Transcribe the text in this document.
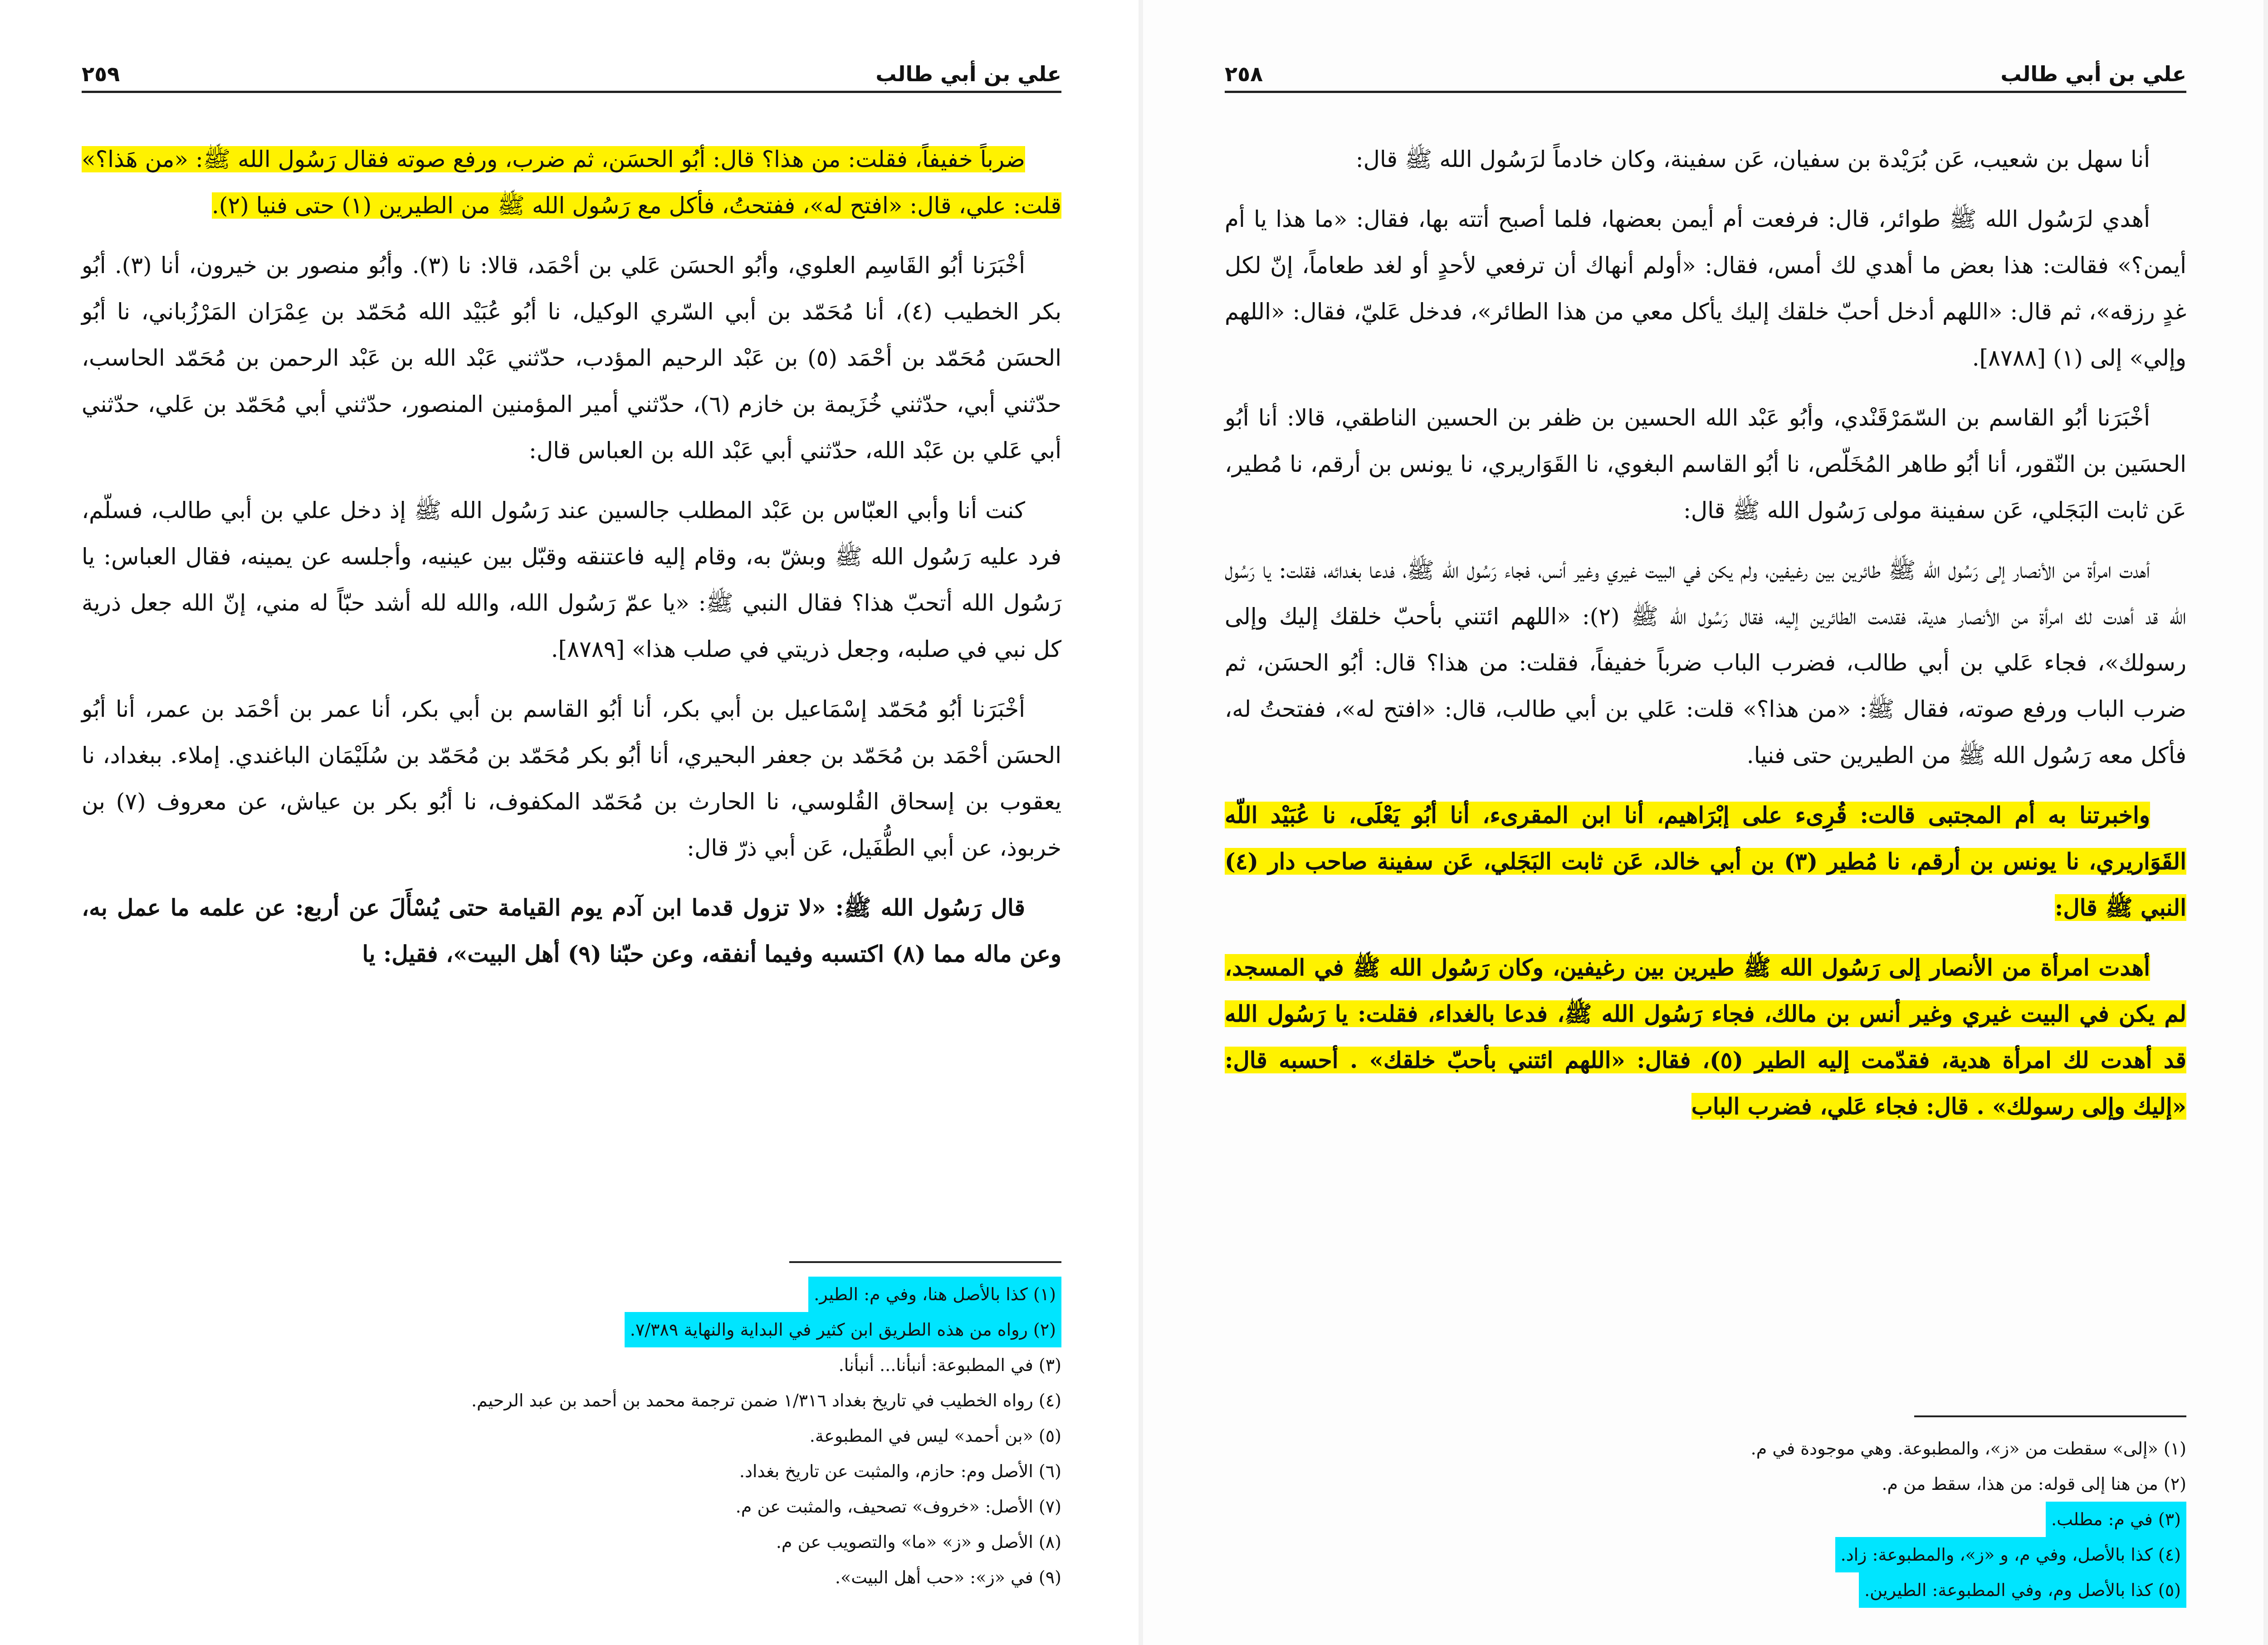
علي بن أبي طالب
٢٥٩

ضرباً خفيفاً، فقلت: من هذا؟ قال: أبُو الحسَن، ثم ضرب، ورفع صوته فقال رَسُول الله ﷺ: «من هَذا؟» قلت: علي، قال: «افتح له»، ففتحتُ، فأكل مع رَسُول الله ﷺ من الطيرين (١) حتى فنيا (٢).

أخْبَرَنا أبُو القَاسِم العلوي، وأبُو الحسَن عَلي بن أحْمَد، قالا: نا (٣). وأبُو منصور بن خيرون، أنا (٣). أبُو بكر الخطيب (٤)، أنا مُحَمّد بن أبي السّري الوكيل، نا أبُو عُبَيْد الله مُحَمّد بن عِمْرَان المَرْزُباني، نا أبُو الحسَن مُحَمّد بن أحْمَد (٥) بن عَبْد الرحيم المؤدب، حدّثني عَبْد الله بن عَبْد الرحمن بن مُحَمّد الحاسب، حدّثني أبي، حدّثني خُزَيمة بن خازم (٦)، حدّثني أمير المؤمنين المنصور، حدّثني أبي مُحَمّد بن عَلي، حدّثني أبي عَلي بن عَبْد الله، حدّثني أبي عَبْد الله بن العباس قال:

كنت أنا وأبي العبّاس بن عَبْد المطلب جالسين عند رَسُول الله ﷺ إذ دخل علي بن أبي طالب، فسلّم، فرد عليه رَسُول الله ﷺ وبشّ به، وقام إليه فاعتنقه وقبّل بين عينيه، وأجلسه عن يمينه، فقال العباس: يا رَسُول الله أتحبّ هذا؟ فقال النبي ﷺ: «يا عمّ رَسُول الله، والله لله أشد حبّاً له مني، إنّ الله جعل ذرية كل نبي في صلبه، وجعل ذريتي في صلب هذا» [٨٧٨٩].

أخْبَرَنا أبُو مُحَمّد إسْمَاعيل بن أبي بكر، أنا أبُو القاسم بن أبي بكر، أنا عمر بن أحْمَد بن عمر، أنا أبُو الحسَن أحْمَد بن مُحَمّد بن جعفر البحيري، أنا أبُو بكر مُحَمّد بن مُحَمّد بن سُلَيْمَان الباغندي. إملاء. ببغداد، نا يعقوب بن إسحاق القُلوسي، نا الحارث بن مُحَمّد المكفوف، نا أبُو بكر بن عياش، عن معروف (٧) بن خربوذ، عن أبي الطُّفَيل، عَن أبي ذرّ قال:

قال رَسُول الله ﷺ: «لا تزول قدما ابن آدم يوم القيامة حتى يُسْأَلَ عن أربع: عن علمه ما عمل به، وعن ماله مما (٨) اكتسبه وفيما أنفقه، وعن حبّنا (٩) أهل البيت»، فقيل: يا

(١) كذا بالأصل هنا، وفي م: الطير.

(٢) رواه من هذه الطريق ابن كثير في البداية والنهاية ٧/٣٨٩.

(٣) في المطبوعة: أنبأنا... أنبأنا.

(٤) رواه الخطيب في تاريخ بغداد ١/٣١٦ ضمن ترجمة محمد بن أحمد بن عبد الرحيم.

(٥) «بن أحمد» ليس في المطبوعة.

(٦) الأصل وم: حازم، والمثبت عن تاريخ بغداد.

(٧) الأصل: «خروف» تصحيف، والمثبت عن م.

(٨) الأصل و «ز» «ما» والتصويب عن م.

(٩) في «ز»: «حب أهل البيت».

علي بن أبي طالب
٢٥٨

أنا سهل بن شعيب، عَن بُرَيْدة بن سفيان، عَن سفينة، وكان خادماً لرَسُول الله ﷺ قال:

أهدي لرَسُول الله ﷺ طوائر، قال: فرفعت أم أيمن بعضها، فلما أصبح أتته بها، فقال: «ما هذا يا أم أيمن؟» فقالت: هذا بعض ما أهدي لك أمس، فقال: «أولم أنهاك أن ترفعي لأحدٍ أو لغد طعاماً، إنّ لكل غدٍ رزقه»، ثم قال: «اللهم أدخل أحبّ خلقك إليك يأكل معي من هذا الطائر»، فدخل عَليّ، فقال: «اللهم وإلي» إلى (١) [٨٧٨٨].

أخْبَرَنا أبُو القاسم بن السّمَرْقَنْدي، وأبُو عَبْد الله الحسين بن ظفر بن الحسين الناطقي، قالا: أنا أبُو الحسَين بن النّقور، أنا أبُو طاهر المُخَلّص، نا أبُو القاسم البغوي، نا القَوَاريري، نا يونس بن أرقم، نا مُطير، عَن ثابت البَجَلي، عَن سفينة مولى رَسُول الله ﷺ قال:

أهدت امرأة من الأنصار إلى رَسُول الله ﷺ طائرين بين رغيفين، ولم يكن في البيت غيري وغير أنس، فجاء رَسُول الله ﷺ، فدعا بغدائه، فقلت: يا رَسُول الله قد أهدت لك امرأة من الأنصار هدية، فقدمت الطائرين إليه، فقال رَسُول الله ﷺ (٢): «اللهم ائتني بأحبّ خلقك إليك وإلى رسولك»، فجاء عَلي بن أبي طالب، فضرب الباب ضرباً خفيفاً، فقلت: من هذا؟ قال: أبُو الحسَن، ثم ضرب الباب ورفع صوته، فقال ﷺ: «من هذا؟» قلت: عَلي بن أبي طالب، قال: «افتح له»، ففتحتُ له، فأكل معه رَسُول الله ﷺ من الطيرين حتى فنيا.

واخبرتنا به أم المجتبى قالت: قُرِىء على إبْرَاهيم، أنا ابن المقرىء، أنا أبُو يَعْلَى، نا عُبَيْد اللّه القَوَاريري، نا يونس بن أرقم، نا مُطير (٣) بن أبي خالد، عَن ثابت البَجَلي، عَن سفينة صاحب دار (٤) النبي ﷺ قال:

أهدت امرأة من الأنصار إلى رَسُول الله ﷺ طيرين بين رغيفين، وكان رَسُول الله ﷺ في المسجد، لم يكن في البيت غيري وغير أنس بن مالك، فجاء رَسُول الله ﷺ، فدعا بالغداء، فقلت: يا رَسُول الله قد أهدت لك امرأة هدية، فقدّمت إليه الطير (٥)، فقال: «اللهم ائتني بأحبّ خلقك» . أحسبه قال: «إليك وإلى رسولك» . قال: فجاء عَلي، فضرب الباب

(١) «إلى» سقطت من «ز»، والمطبوعة. وهي موجودة في م.

(٢) من هنا إلى قوله: من هذا، سقط من م.

(٣) في م: مطلب.

(٤) كذا بالأصل، وفي م، و «ز»، والمطبوعة: زاد.

(٥) كذا بالأصل وم، وفي المطبوعة: الطيرين.
